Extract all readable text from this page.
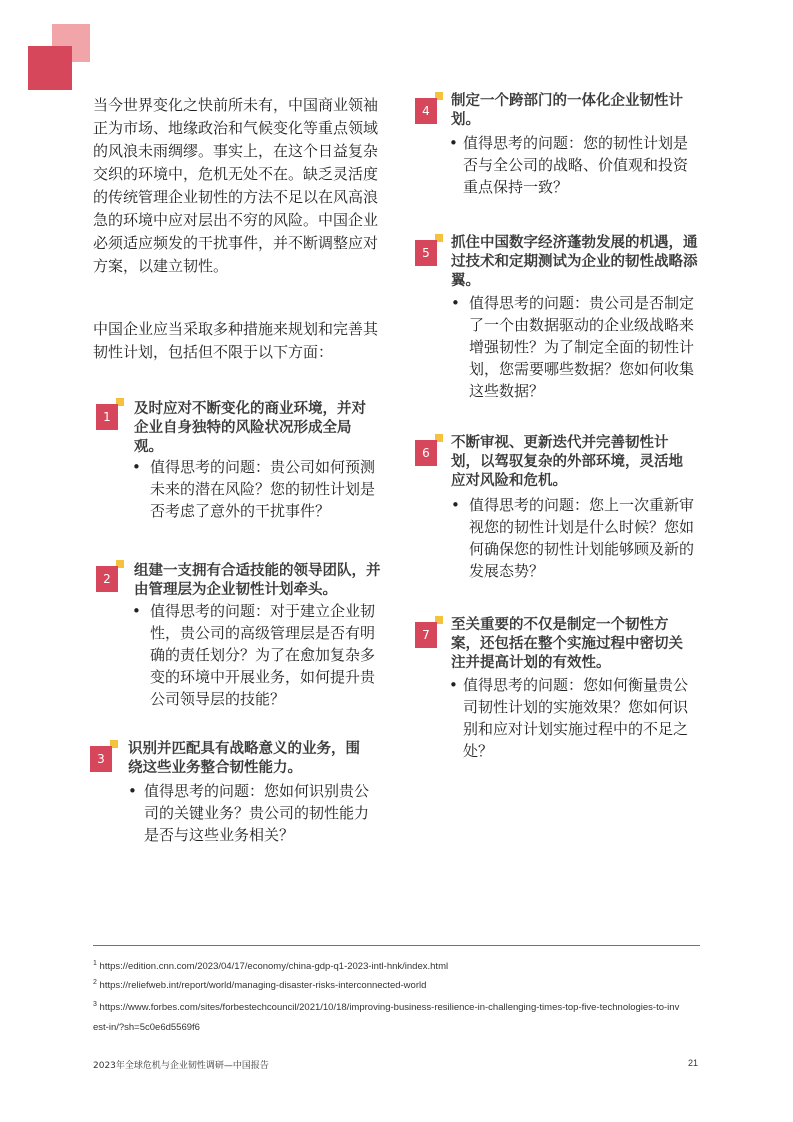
当今世界变化之快前所未有，中国商业领袖正为市场、地缘政治和气候变化等重点领域的风浪未雨绸缪。事实上，在这个日益复杂交织的环境中，危机无处不在。缺乏灵活度的传统管理企业韧性的方法不足以在风高浪急的环境中应对层出不穷的风险。中国企业必须适应频发的干扰事件，并不断调整应对方案，以建立韧性。

中国企业应当采取多种措施来规划和完善其韧性计划，包括但不限于以下方面：

1	及时应对不断变化的商业环境，并对企业自身独特的风险状况形成全局观。
• 值得思考的问题：贵公司如何预测未来的潜在风险？您的韧性计划是否考虑了意外的干扰事件？
2	组建一支拥有合适技能的领导团队，并由管理层为企业韧性计划牵头。
• 值得思考的问题：对于建立企业韧性，贵公司的高级管理层是否有明确的责任划分？为了在愈加复杂多变的环境中开展业务，如何提升贵公司领导层的技能？
3
识别并匹配具有战略意义的业务，围绕这些业务整合韧性能力。
• 值得思考的问题：您如何识别贵公司的关键业务？贵公司的韧性能力是否与这些业务相关？
4
制定一个跨部门的一体化企业韧性计划。
• 值得思考的问题：您的韧性计划是否与全公司的战略、价值观和投资重点保持一致？
5
抓住中国数字经济蓬勃发展的机遇，通过技术和定期测试为企业的韧性战略添翼。
• 值得思考的问题：贵公司是否制定了一个由数据驱动的企业级战略来增强韧性？为了制定全面的韧性计划，您需要哪些数据？您如何收集这些数据？
6
不断审视、更新迭代并完善韧性计划，以驾驭复杂的外部环境，灵活地应对风险和危机。
• 值得思考的问题：您上一次重新审视您的韧性计划是什么时候？您如何确保您的韧性计划能够顾及新的发展态势？
7
至关重要的不仅是制定一个韧性方案，还包括在整个实施过程中密切关注并提高计划的有效性。
• 值得思考的问题：您如何衡量贵公司韧性计划的实施效果？您如何识别和应对计划实施过程中的不足之处？
$^1$ https://edition.cnn.com/2023/04/17/economy/china-gdp-q1-2023-intl-hnk/index.html
$^2$ https://reliefweb.int/report/world/managing-disaster-risks-interconnected-world
$^3$ https://www.forbes.com/sites/forbestechcouncil/2021/10/18/improving-business-resilience-in-challenging-times-top-five-technologies-to-invest-in/?sh=5c0e6d5569f6
2023年全球危机与企业韧性调研—中国报告	21
